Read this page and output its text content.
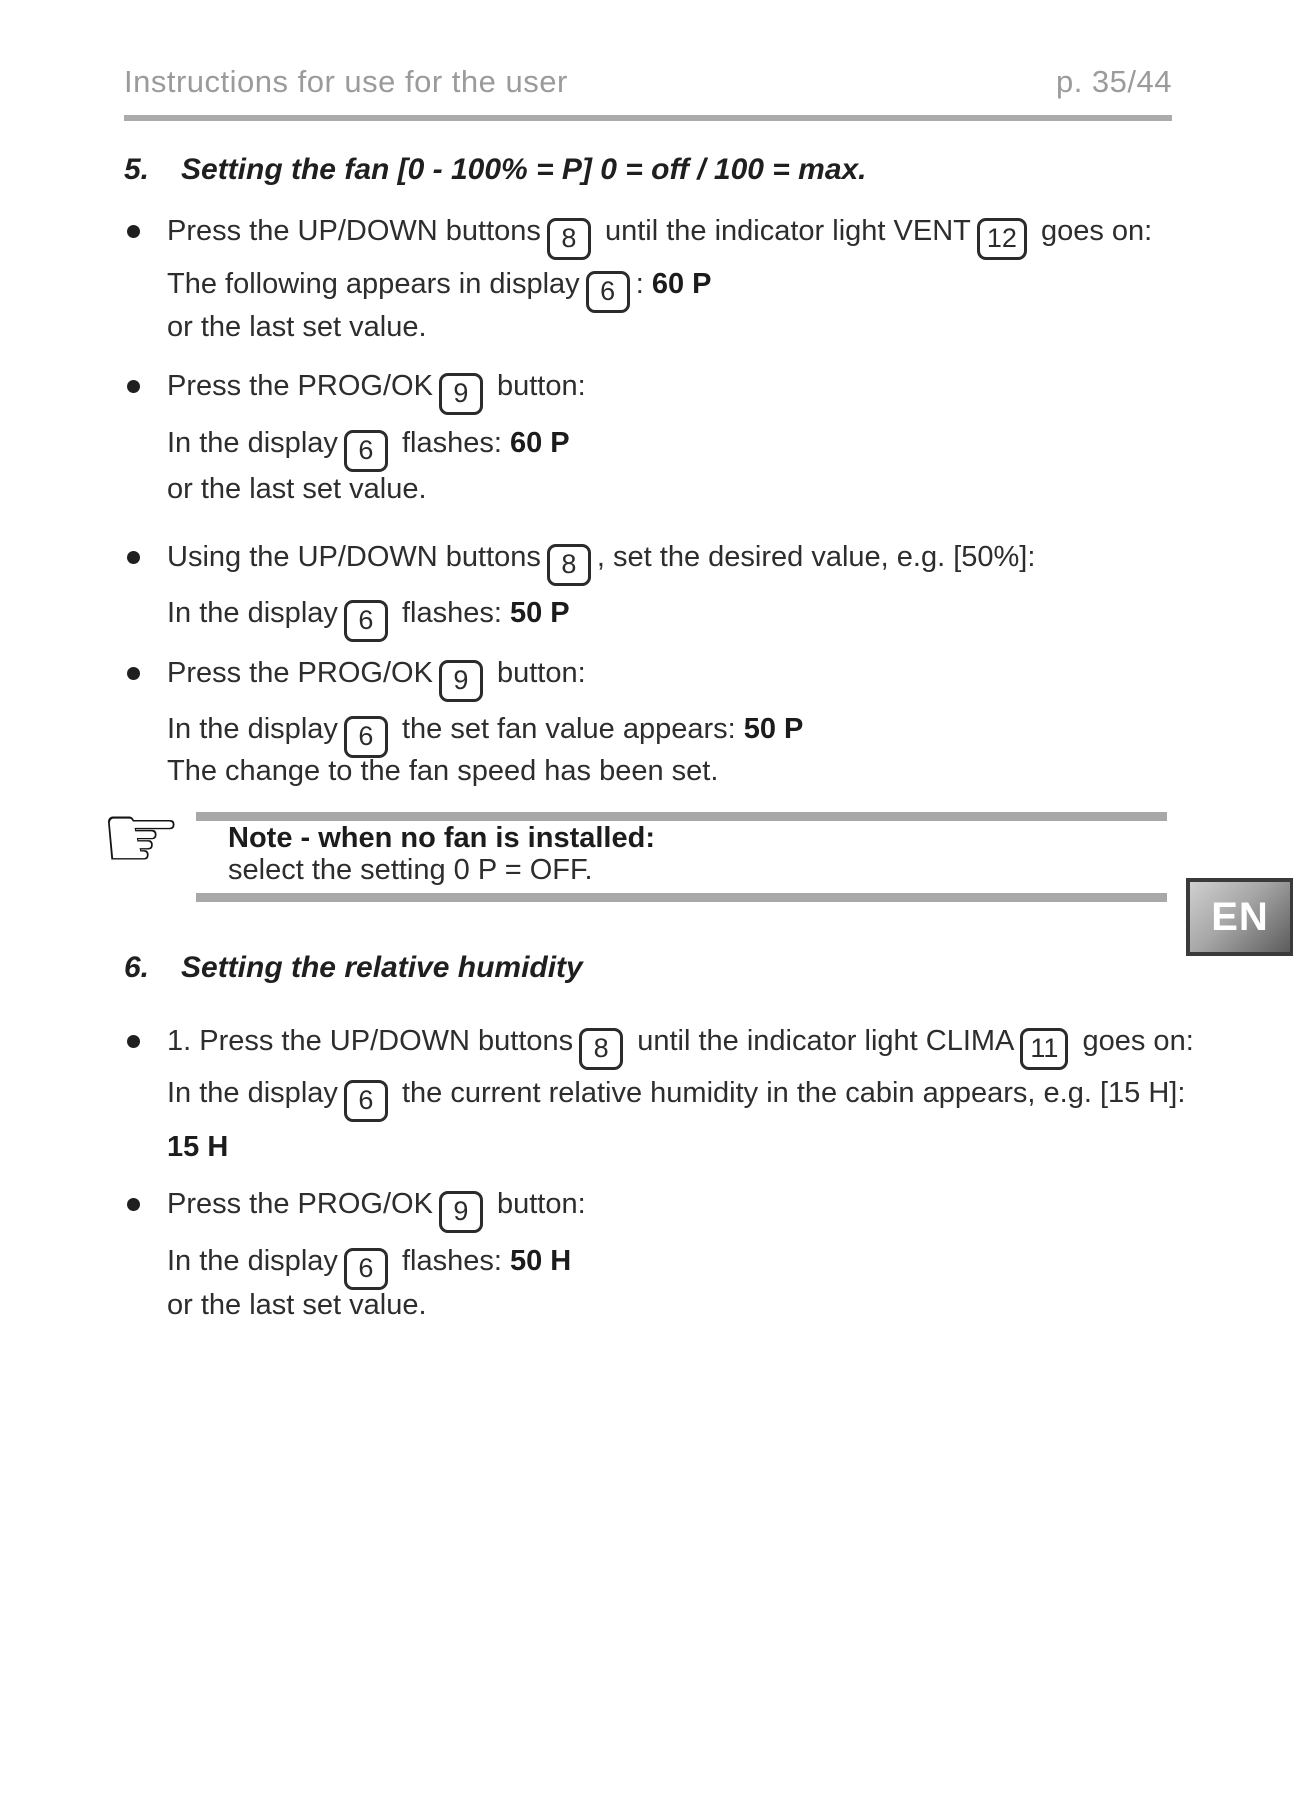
Instructions for use for the user	p. 35/44
5. Setting the fan [0 - 100% = P] 0 = off / 100 = max.
Press the UP/DOWN buttons 8 until the indicator light VENT 12 goes on:
The following appears in display 6 : 60 P
or the last set value.
Press the PROG/OK 9 button:
In the display 6 flashes: 60 P
or the last set value.
Using the UP/DOWN buttons 8 , set the desired value, e.g. [50%]:
In the display 6 flashes: 50 P
Press the PROG/OK 9 button:
In the display 6 the set fan value appears: 50 P
The change to the fan speed has been set.
☞ Note - when no fan is installed:
select the setting 0 P = OFF.
EN
6. Setting the relative humidity
1. Press the UP/DOWN buttons 8 until the indicator light CLIMA 11 goes on:
In the display 6 the current relative humidity in the cabin appears, e.g. [15 H]:
15 H
Press the PROG/OK 9 button:
In the display 6 flashes: 50 H
or the last set value.
